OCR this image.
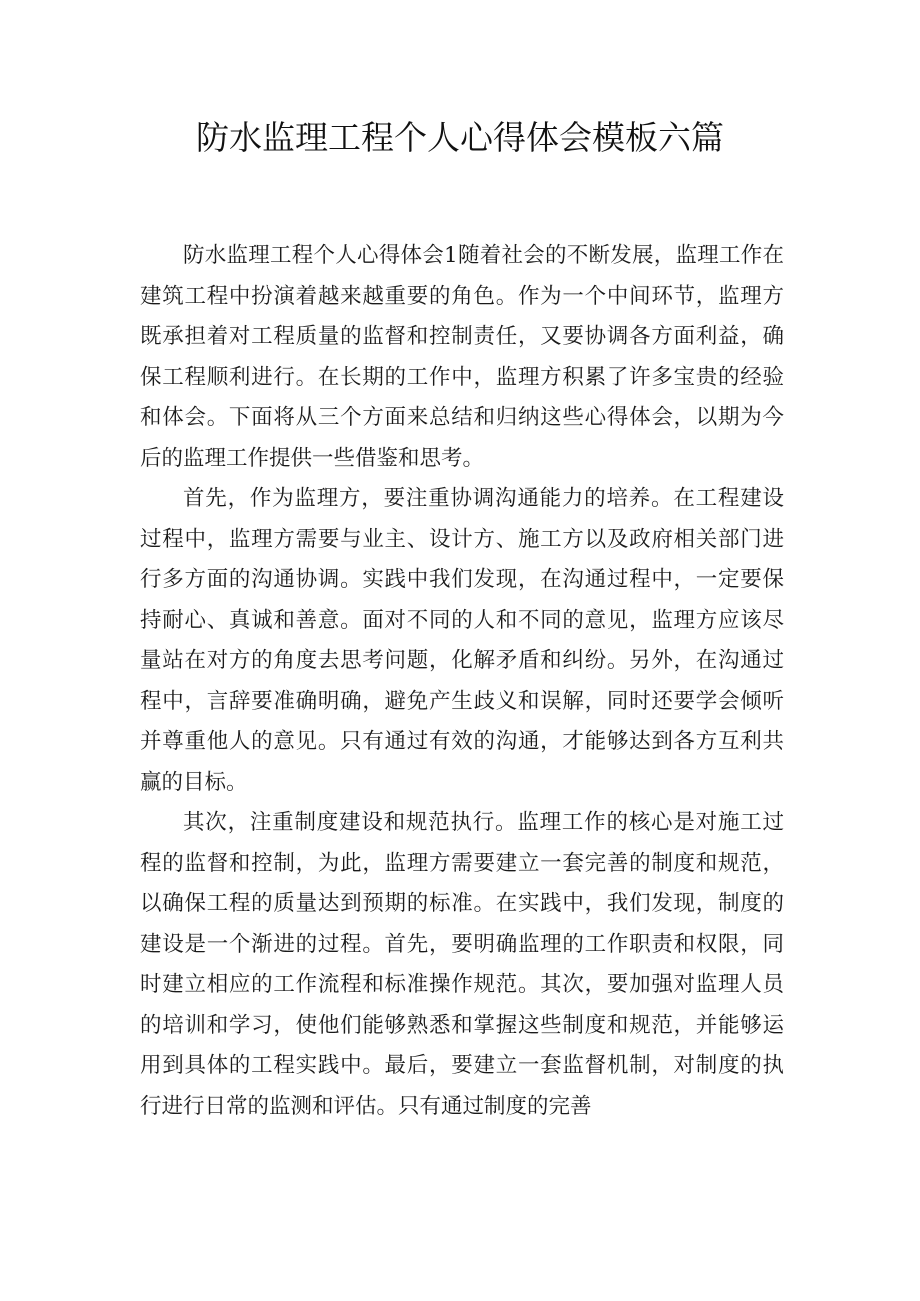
防水监理工程个人心得体会模板六篇

防水监理工程个人心得体会1随着社会的不断发展，监理工作在建筑工程中扮演着越来越重要的角色。作为一个中间环节，监理方既承担着对工程质量的监督和控制责任，又要协调各方面利益，确保工程顺利进行。在长期的工作中，监理方积累了许多宝贵的经验和体会。下面将从三个方面来总结和归纳这些心得体会，以期为今后的监理工作提供一些借鉴和思考。

首先，作为监理方，要注重协调沟通能力的培养。在工程建设过程中，监理方需要与业主、设计方、施工方以及政府相关部门进行多方面的沟通协调。实践中我们发现，在沟通过程中，一定要保持耐心、真诚和善意。面对不同的人和不同的意见，监理方应该尽量站在对方的角度去思考问题，化解矛盾和纠纷。另外，在沟通过程中，言辞要准确明确，避免产生歧义和误解，同时还要学会倾听并尊重他人的意见。只有通过有效的沟通，才能够达到各方互利共赢的目标。

其次，注重制度建设和规范执行。监理工作的核心是对施工过程的监督和控制，为此，监理方需要建立一套完善的制度和规范，以确保工程的质量达到预期的标准。在实践中，我们发现，制度的建设是一个渐进的过程。首先，要明确监理的工作职责和权限，同时建立相应的工作流程和标准操作规范。其次，要加强对监理人员的培训和学习，使他们能够熟悉和掌握这些制度和规范，并能够运用到具体的工程实践中。最后，要建立一套监督机制，对制度的执行进行日常的监测和评估。只有通过制度的完善
